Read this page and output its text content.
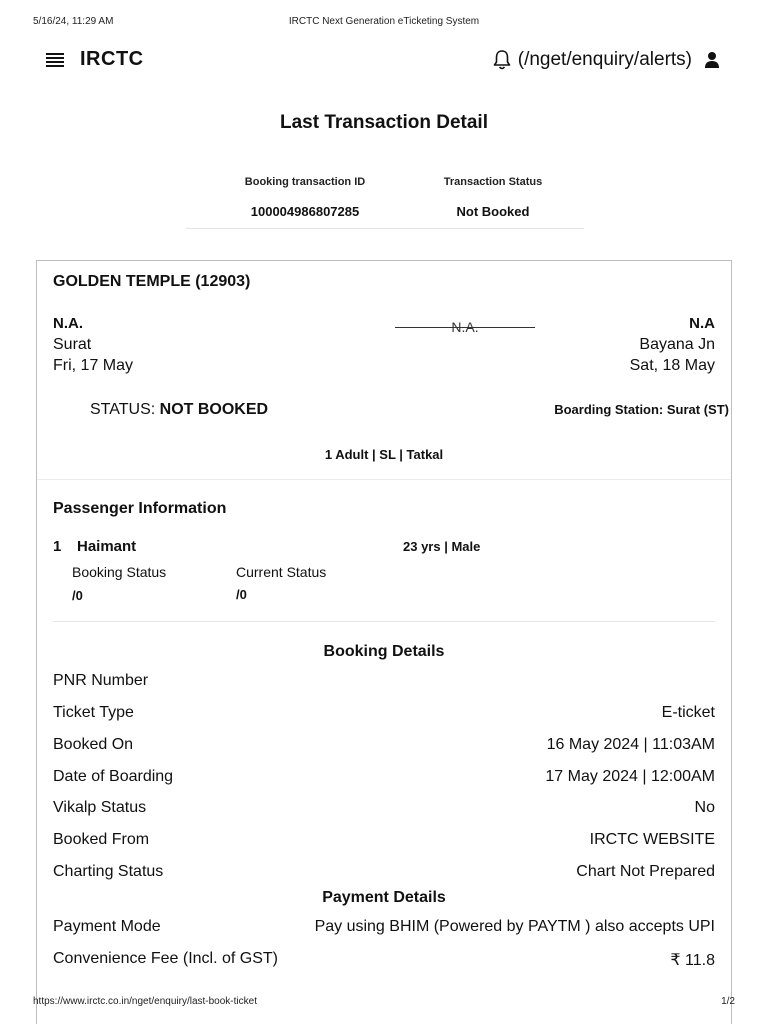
5/16/24, 11:29 AM	IRCTC Next Generation eTicketing System
IRCTC	(/nget/enquiry/alerts)
Last Transaction Detail
Booking transaction ID
100004986807285
Transaction Status
Not Booked
GOLDEN TEMPLE (12903)
N.A.
Surat
Fri, 17 May
N.A.	N.A
Bayana Jn
Sat, 18 May
STATUS: NOT BOOKED	Boarding Station: Surat (ST)
1 Adult | SL | Tatkal
Passenger Information
1 Haimant	23 yrs | Male
Booking Status	Current Status
/0	/0
Booking Details
PNR Number
Ticket Type	E-ticket
Booked On	16 May 2024 | 11:03AM
Date of Boarding	17 May 2024 | 12:00AM
Vikalp Status	No
Booked From	IRCTC WEBSITE
Charting Status	Chart Not Prepared
Payment Details
Payment Mode	Pay using BHIM (Powered by PAYTM ) also accepts UPI
Convenience Fee (Incl. of GST)	₹ 11.8
https://www.irctc.co.in/nget/enquiry/last-book-ticket	1/2
